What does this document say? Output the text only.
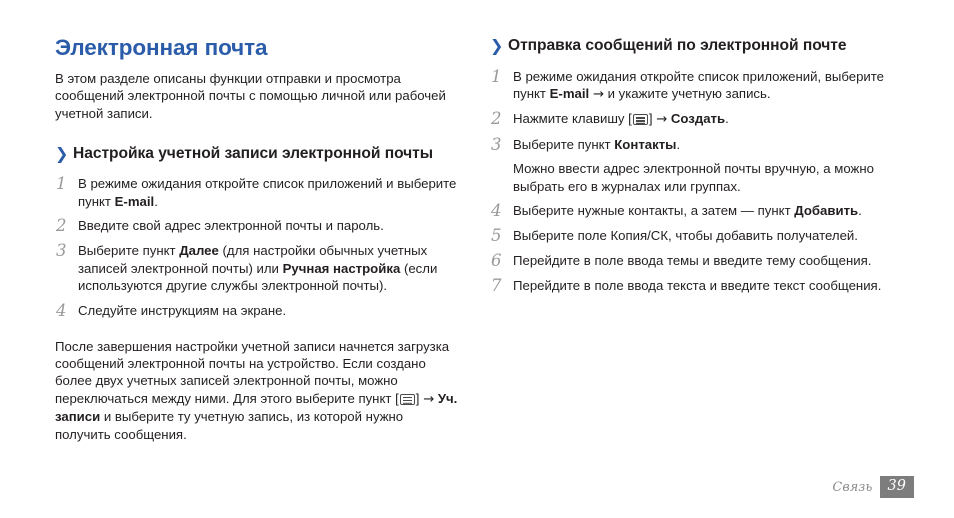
Электронная почта

В этом разделе описаны функции отправки и просмотра сообщений электронной почты с помощью личной или рабочей учетной записи.

❯ Настройка учетной записи электронной почты
1 В режиме ожидания откройте список приложений и выберите пункт E-mail.

2 Введите свой адрес электронной почты и пароль.

3 Выберите пункт Далее (для настройки обычных учетных записей электронной почты) или Ручная настройка (если используются другие службы электронной почты).

4 Следуйте инструкциям на экране.

После завершения настройки учетной записи начнется загрузка сообщений электронной почты на устройство. Если создано более двух учетных записей электронной почты, можно переключаться между ними. Для этого выберите пункт [ ] → Уч. записи и выберите ту учетную запись, из которой нужно получить сообщения.

❯ Отправка сообщений по электронной почте
1 В режиме ожидания откройте список приложений, выберите пункт E-mail → и укажите учетную запись.

2 Нажмите клавишу [ ] → Создать.

3 Выберите пункт Контакты.

Можно ввести адрес электронной почты вручную, а можно выбрать его в журналах или группах.

4 Выберите нужные контакты, а затем — пункт Добавить.

5 Выберите поле Копия/СК, чтобы добавить получателей.

6 Перейдите в поле ввода темы и введите тему сообщения.

7 Перейдите в поле ввода текста и введите текст сообщения.

Связь	39
